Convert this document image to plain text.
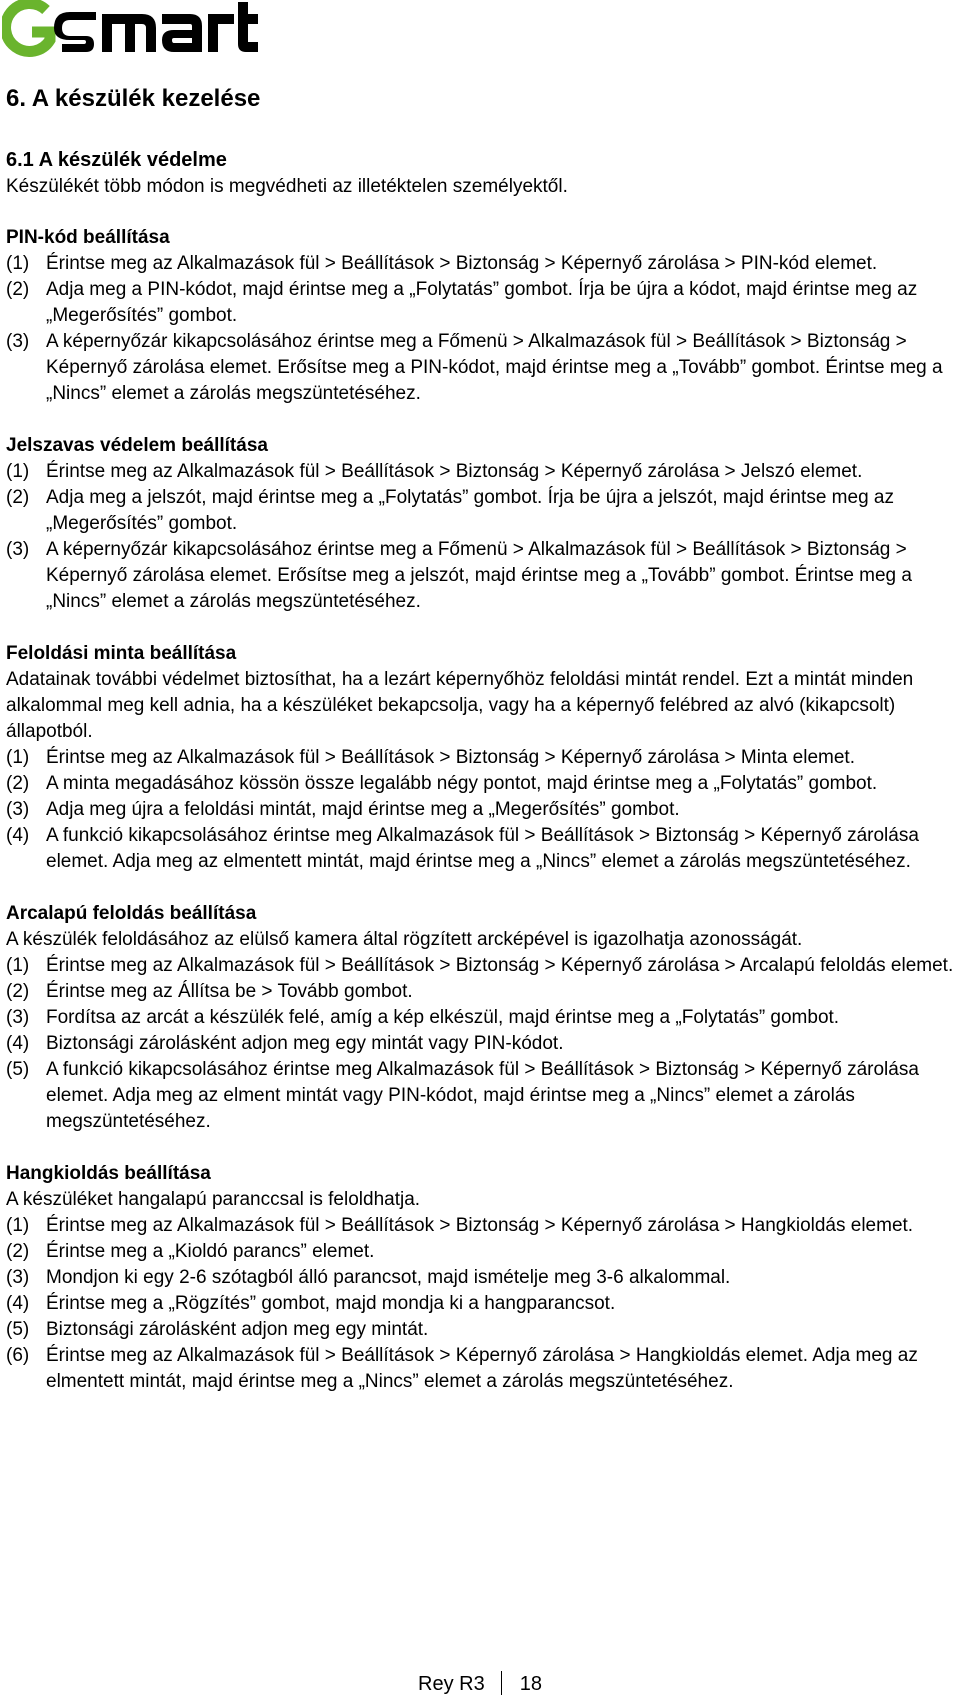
6. A készülék kezelése
6.1 A készülék védelme
Készülékét több módon is megvédheti az illetéktelen személyektől.
PIN-kód beállítása
(1) Érintse meg az Alkalmazások fül > Beállítások > Biztonság > Képernyő zárolása > PIN-kód elemet.
(2) Adja meg a PIN-kódot, majd érintse meg a „Folytatás” gombot. Írja be újra a kódot, majd érintse meg az „Megerősítés” gombot.
(3) A képernyőzár kikapcsolásához érintse meg a Főmenü > Alkalmazások fül > Beállítások > Biztonság > Képernyő zárolása elemet. Erősítse meg a PIN-kódot, majd érintse meg a „Tovább” gombot. Érintse meg a „Nincs” elemet a zárolás megszüntetéséhez.
Jelszavas védelem beállítása
(1) Érintse meg az Alkalmazások fül > Beállítások > Biztonság > Képernyő zárolása > Jelszó elemet.
(2) Adja meg a jelszót, majd érintse meg a „Folytatás” gombot. Írja be újra a jelszót, majd érintse meg az „Megerősítés” gombot.
(3) A képernyőzár kikapcsolásához érintse meg a Főmenü > Alkalmazások fül > Beállítások > Biztonság > Képernyő zárolása elemet. Erősítse meg a jelszót, majd érintse meg a „Tovább” gombot. Érintse meg a „Nincs” elemet a zárolás megszüntetéséhez.
Feloldási minta beállítása
Adatainak további védelmet biztosíthat, ha a lezárt képernyőhöz feloldási mintát rendel. Ezt a mintát minden alkalommal meg kell adnia, ha a készüléket bekapcsolja, vagy ha a képernyő felébred az alvó (kikapcsolt) állapotból.
(1) Érintse meg az Alkalmazások fül > Beállítások > Biztonság > Képernyő zárolása > Minta elemet.
(2) A minta megadásához kössön össze legalább négy pontot, majd érintse meg a „Folytatás” gombot.
(3) Adja meg újra a feloldási mintát, majd érintse meg a „Megerősítés” gombot.
(4) A funkció kikapcsolásához érintse meg Alkalmazások fül > Beállítások > Biztonság > Képernyő zárolása elemet. Adja meg az elmentett mintát, majd érintse meg a „Nincs” elemet a zárolás megszüntetéséhez.
Arcalapú feloldás beállítása
A készülék feloldásához az elülső kamera által rögzített arcképével is igazolhatja azonosságát.
(1) Érintse meg az Alkalmazások fül > Beállítások > Biztonság > Képernyő zárolása > Arcalapú feloldás elemet.
(2) Érintse meg az Állítsa be > Tovább gombot.
(3) Fordítsa az arcát a készülék felé, amíg a kép elkészül, majd érintse meg a „Folytatás” gombot.
(4) Biztonsági zárolásként adjon meg egy mintát vagy PIN-kódot.
(5) A funkció kikapcsolásához érintse meg Alkalmazások fül > Beállítások > Biztonság > Képernyő zárolása elemet. Adja meg az elment mintát vagy PIN-kódot, majd érintse meg a „Nincs” elemet a zárolás megszüntetéséhez.
Hangkioldás beállítása
A készüléket hangalapú paranccsal is feloldhatja.
(1) Érintse meg az Alkalmazások fül > Beállítások > Biztonság > Képernyő zárolása > Hangkioldás elemet.
(2) Érintse meg a „Kioldó parancs” elemet.
(3) Mondjon ki egy 2-6 szótagból álló parancsot, majd ismételje meg 3-6 alkalommal.
(4) Érintse meg a „Rögzítés” gombot, majd mondja ki a hangparancsot.
(5) Biztonsági zárolásként adjon meg egy mintát.
(6) Érintse meg az Alkalmazások fül > Beállítások > Képernyő zárolása > Hangkioldás elemet. Adja meg az elmentett mintát, majd érintse meg a „Nincs” elemet a zárolás megszüntetéséhez.
Rey R3 18
